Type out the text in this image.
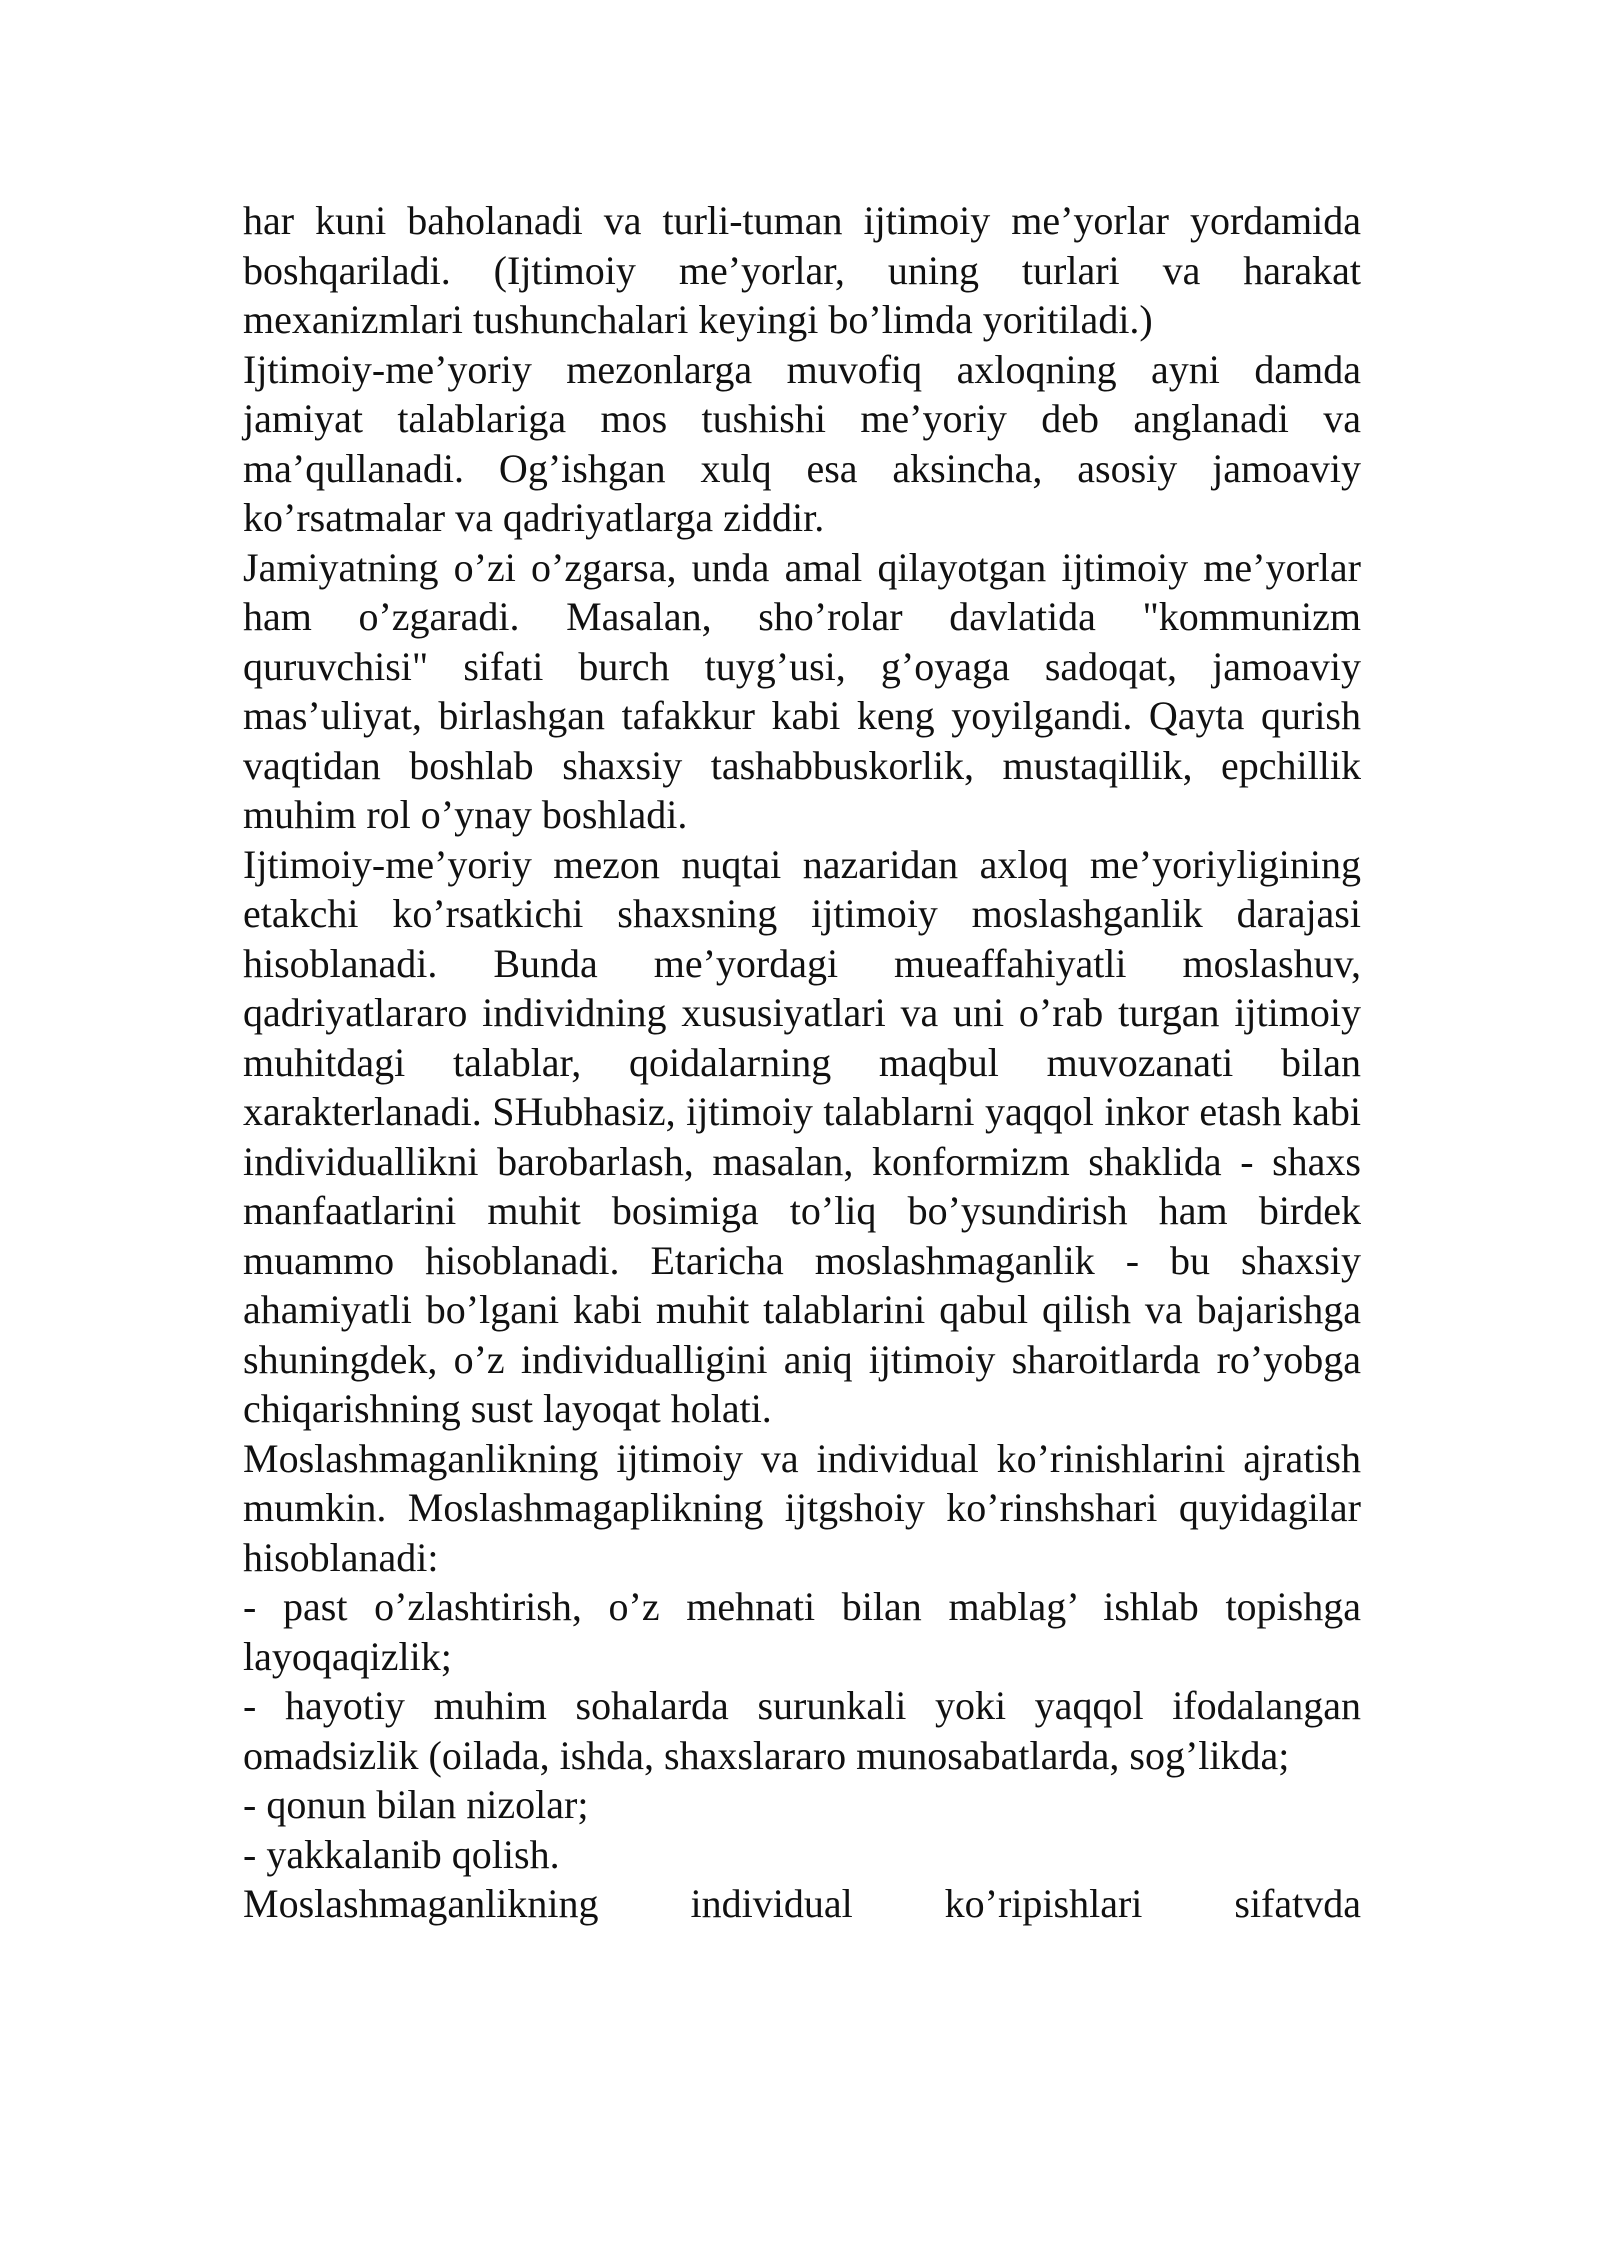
har kuni baholanadi va turli-tuman ijtimoiy me’yorlar yordamida boshqariladi. (Ijtimoiy me’yorlar, uning turlari va harakat mexanizmlari tushunchalari keyingi bo’limda yoritiladi.)

Ijtimoiy-me’yoriy mezonlarga muvofiq axloqning ayni damda jamiyat talablariga mos tushishi me’yoriy deb anglanadi va ma’qullanadi. Og’ishgan xulq esa aksincha, asosiy jamoaviy ko’rsatmalar va qadriyatlarga ziddir.

Jamiyatning o’zi o’zgarsa, unda amal qilayotgan ijtimoiy me’yorlar ham o’zgaradi. Masalan, sho’rolar davlatida "kommunizm quruvchisi" sifati burch tuyg’usi, g’oyaga sadoqat, jamoaviy mas’uliyat, birlashgan tafakkur kabi keng yoyilgandi. Qayta qurish vaqtidan boshlab shaxsiy tashabbuskorlik, mustaqillik, epchillik muhim rol o’ynay boshladi.

Ijtimoiy-me’yoriy mezon nuqtai nazaridan axloq me’yoriyligining etakchi ko’rsatkichi shaxsning ijtimoiy moslashganlik darajasi hisoblanadi. Bunda me’yordagi mueaffahiyatli moslashuv, qadriyatlararo individning xususiyatlari va uni o’rab turgan ijtimoiy muhitdagi talablar, qoidalarning maqbul muvozanati bilan xarakterlanadi. SHubhasiz, ijtimoiy talablarni yaqqol inkor etash kabi individuallikni barobarlash, masalan, konformizm shaklida - shaxs manfaatlarini muhit bosimiga to’liq bo’ysundirish ham birdek muammo hisoblanadi. Etaricha moslashmaganlik - bu shaxsiy ahamiyatli bo’lgani kabi muhit talablarini qabul qilish va bajarishga shuningdek, o’z individualligini aniq ijtimoiy sharoitlarda ro’yobga chiqarishning sust layoqat holati.

Moslashmaganlikning ijtimoiy va individual ko’rinishlarini ajratish mumkin. Moslashmagaplikning ijtgshoiy ko’rinshshari quyidagilar hisoblanadi:

- past o’zlashtirish, o’z mehnati bilan mablag’ ishlab topishga layoqaqizlik;

- hayotiy muhim sohalarda surunkali yoki yaqqol ifodalangan omadsizlik (oilada, ishda, shaxslararo munosabatlarda, sog’likda;

- qonun bilan nizolar;

- yakkalanib qolish.

Moslashmaganlikning individual ko’ripishlari sifatvda
